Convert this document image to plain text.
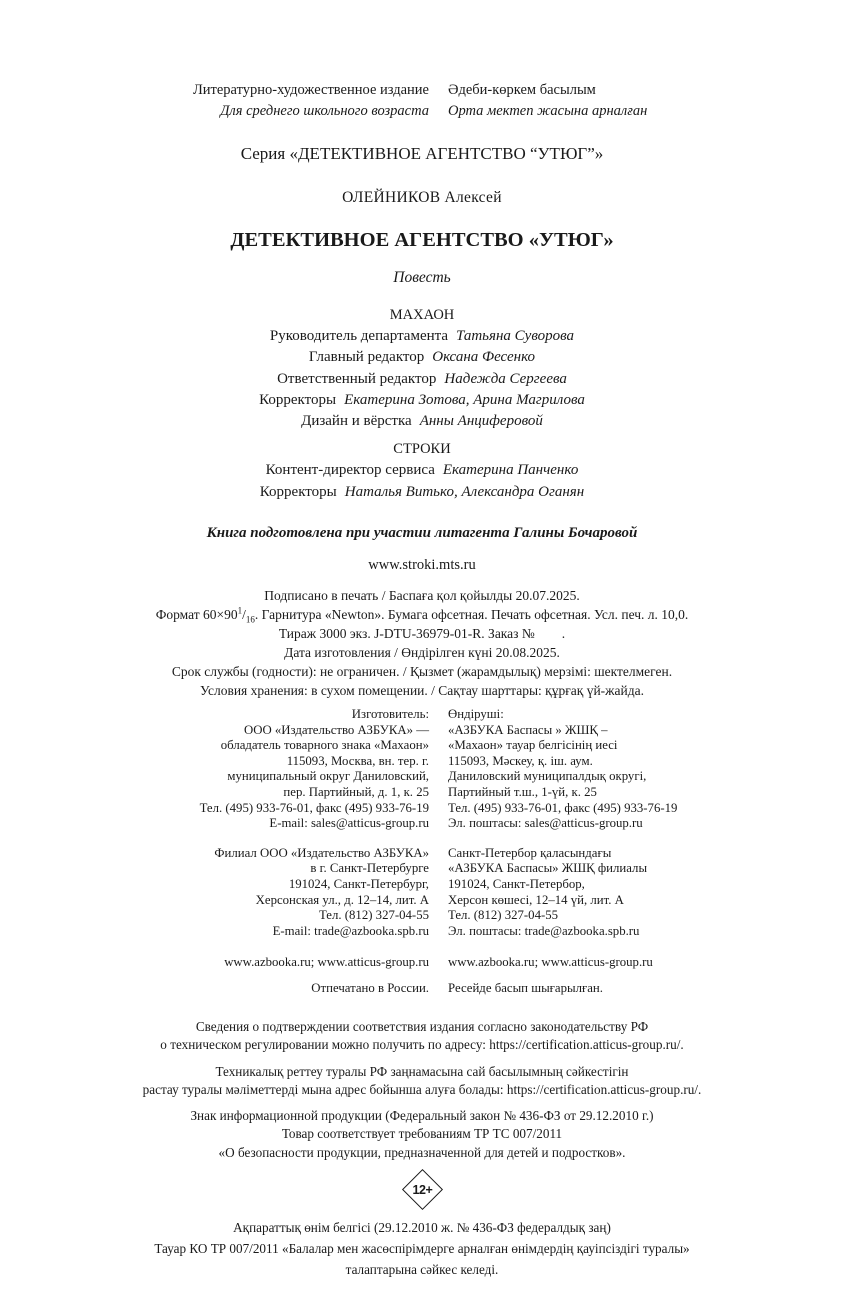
Литературно-художественное издание
Для среднего школьного возраста
Әдеби-көркем басылым
Орта мектеп жасына арналған
Серия «ДЕТЕКТИВНОЕ АГЕНТСТВО “УТЮГ”»
ОЛЕЙНИКОВ Алексей
ДЕТЕКТИВНОЕ АГЕНТСТВО «УТЮГ»
Повесть
МАХАОН
Руководитель департамента Татьяна Суворова
Главный редактор Оксана Фесенко
Ответственный редактор Надежда Сергеева
Корректоры Екатерина Зотова, Арина Магрилова
Дизайн и вёрстка Анны Анциферовой
СТРОКИ
Контент-директор сервиса Екатерина Панченко
Корректоры Наталья Витько, Александра Оганян
Книга подготовлена при участии литагента Галины Бочаровой
www.stroki.mts.ru
Подписано в печать / Баспаға қол қойылды 20.07.2025.
Формат $60\times 90^1/_{16}$. Гарнитура «Newton». Бумага офсетная. Печать офсетная. Усл. печ. л. 10,0.
Тираж 3000 экз. J-DTU-36979-01-R. Заказ №        .
Дата изготовления / Өндірілген күні 20.08.2025.
Срок службы (годности): не ограничен. / Қызмет (жарамдылық) мерзімі: шектелмеген.
Условия хранения: в сухом помещении. / Сақтау шарттары: құрғақ үй-жайда.
Изготовитель:
ООО «Издательство АЗБУКА» —
обладатель товарного знака «Махаон»
115093, Москва, вн. тер. г.
муниципальный округ Даниловский,
пер. Партийный, д. 1, к. 25
Тел. (495) 933-76-01, факс (495) 933-76-19
E-mail: sales@atticus-group.ru
Өндіруші:
«АЗБУКА Баспасы » ЖШҚ –
«Махаон» тауар белгісінің иесі
115093, Мәскеу, қ. іш. аум.
Даниловский муниципалдық округі,
Партийный т.ш., 1-үй, к. 25
Тел. (495) 933-76-01, факс (495) 933-76-19
Эл. поштасы: sales@atticus-group.ru
Филиал ООО «Издательство АЗБУКА»
в г. Санкт-Петербурге
191024, Санкт-Петербург,
Херсонская ул., д. 12–14, лит. А
Тел. (812) 327-04-55
E-mail: trade@azbooka.spb.ru
Санкт-Петербор қаласындағы
«АЗБУКА Баспасы» ЖШҚ филиалы
191024, Санкт-Петербор,
Херсон көшесі, 12–14 үй, лит. А
Тел. (812) 327-04-55
Эл. поштасы: trade@azbooka.spb.ru
www.azbooka.ru; www.atticus-group.ru www.azbooka.ru; www.atticus-group.ru
Отпечатано в России. Ресейде басып шығарылған.
Сведения о подтверждении соответствия издания согласно законодательству РФ
о техническом регулировании можно получить по адресу: https://certification.atticus-group.ru/.
Техникалық реттеу туралы РФ заңнамасына сай басылымның сәйкестігін
растау туралы мәліметтерді мына адрес бойынша алуға болады: https://certification.atticus-group.ru/.
Знак информационной продукции (Федеральный закон № 436-ФЗ от 29.12.2010 г.)
Товар соответствует требованиям ТР ТС 007/2011
«О безопасности продукции, предназначенной для детей и подростков».
12+
Ақпараттық өнім белгісі (29.12.2010 ж. № 436-ФЗ федералдық заң)
Тауар КО ТР 007/2011 «Балалар мен жасөспірімдерге арналған өнімдердің қауіпсіздігі туралы»
талаптарына сәйкес келеді.
